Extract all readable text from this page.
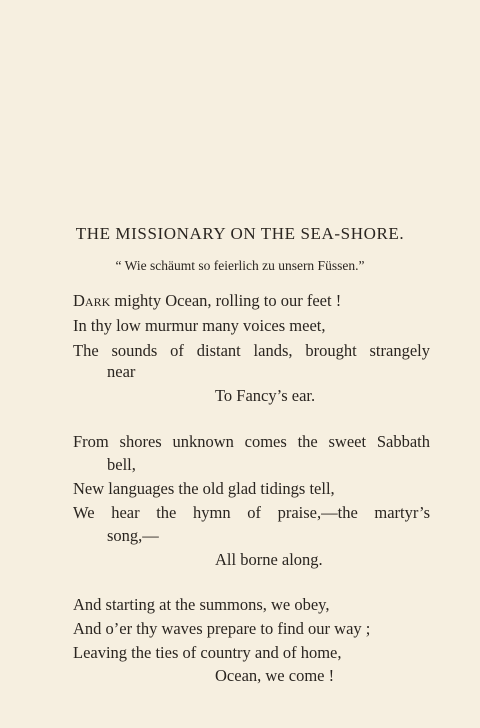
THE MISSIONARY ON THE SEA-SHORE.
“ Wie schäumt so feierlich zu unsern Füssen.”
Dark mighty Ocean, rolling to our feet !
In thy low murmur many voices meet,
The sounds of distant lands, brought strangely
near
To Fancy’s ear.
From shores unknown comes the sweet Sabbath
bell,
New languages the old glad tidings tell,
We hear the hymn of praise,—the martyr’s
song,—
All borne along.
And starting at the summons, we obey,
And o’er thy waves prepare to find our way ;
Leaving the ties of country and of home,
Ocean, we come !
